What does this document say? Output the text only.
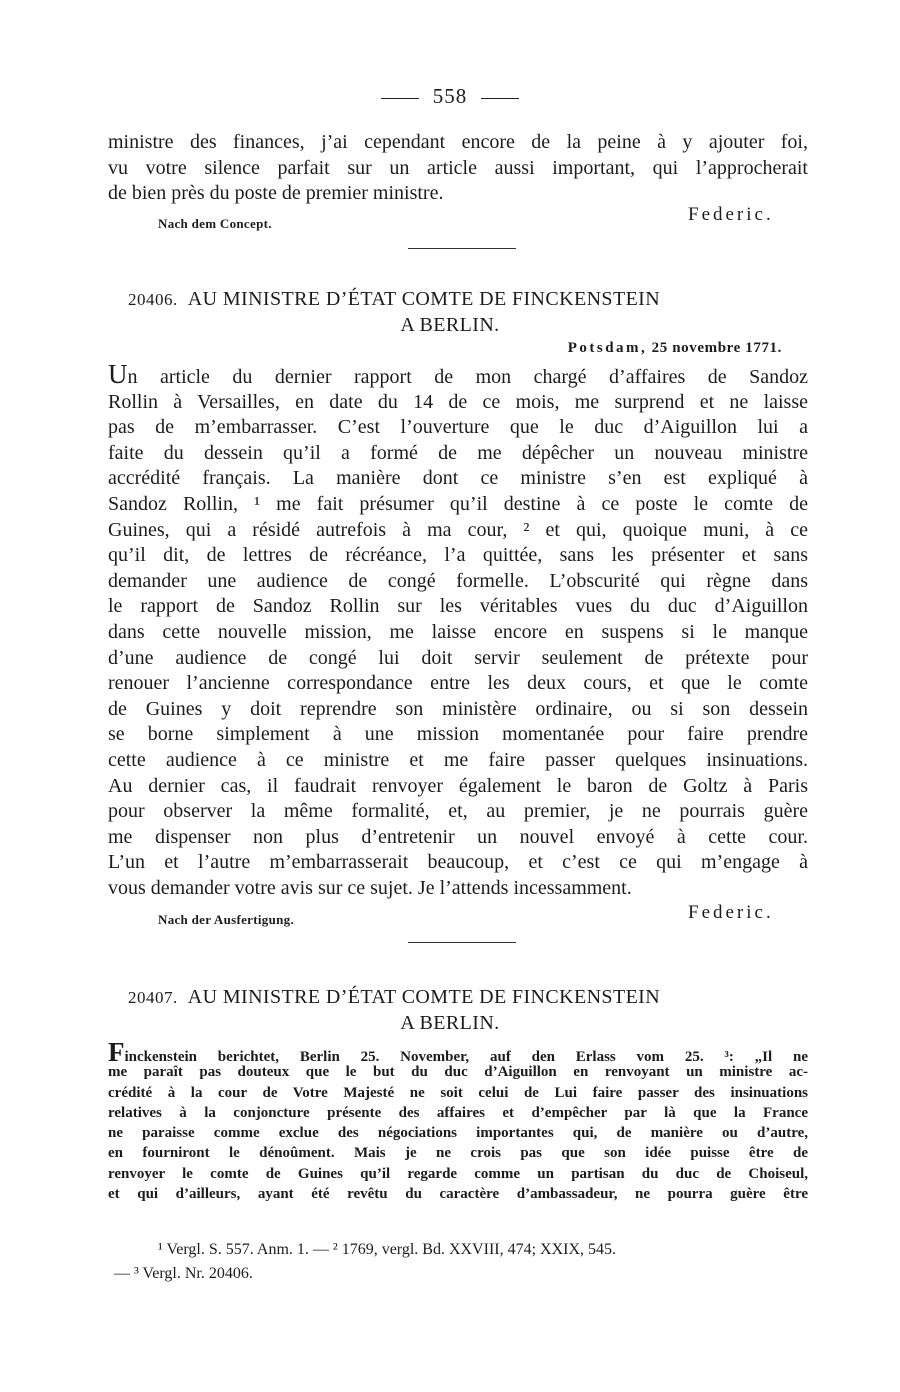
558
ministre des finances, j’ai cependant encore de la peine à y ajouter foi,
vu votre silence parfait sur un article aussi important, qui l’approcherait
de bien près du poste de premier ministre.
Nach dem Concept.	Federic.
20406. AU MINISTRE D’ÉTAT COMTE DE FINCKENSTEIN
A BERLIN.
Potsdam, 25 novembre 1771.
Un article du dernier rapport de mon chargé d’affaires de Sandoz
Rollin à Versailles, en date du 14 de ce mois, me surprend et ne laisse
pas de m’embarrasser. C’est l’ouverture que le duc d’Aiguillon lui a
faite du dessein qu’il a formé de me dépêcher un nouveau ministre
accrédité français. La manière dont ce ministre s’en est expliqué à
Sandoz Rollin, ¹ me fait présumer qu’il destine à ce poste le comte de
Guines, qui a résidé autrefois à ma cour, ² et qui, quoique muni, à ce
qu’il dit, de lettres de récréance, l’a quittée, sans les présenter et sans
demander une audience de congé formelle. L’obscurité qui règne dans
le rapport de Sandoz Rollin sur les véritables vues du duc d’Aiguillon
dans cette nouvelle mission, me laisse encore en suspens si le manque
d’une audience de congé lui doit servir seulement de prétexte pour
renouer l’ancienne correspondance entre les deux cours, et que le comte
de Guines y doit reprendre son ministère ordinaire, ou si son dessein
se borne simplement à une mission momentanée pour faire prendre
cette audience à ce ministre et me faire passer quelques insinuations.
Au dernier cas, il faudrait renvoyer également le baron de Goltz à Paris
pour observer la même formalité, et, au premier, je ne pourrais guère
me dispenser non plus d’entretenir un nouvel envoyé à cette cour.
L’un et l’autre m’embarrasserait beaucoup, et c’est ce qui m’engage à
vous demander votre avis sur ce sujet. Je l’attends incessamment.
Nach der Ausfertigung.	Federic.
20407. AU MINISTRE D’ÉTAT COMTE DE FINCKENSTEIN
A BERLIN.
Finckenstein berichtet, Berlin 25. November, auf den Erlass vom 25. ³: „Il ne
me paraît pas douteux que le but du duc d’Aiguillon en renvoyant un ministre ac-
crédité à la cour de Votre Majesté ne soit celui de Lui faire passer des insinuations
relatives à la conjoncture présente des affaires et d’empêcher par là que la France
ne paraisse comme exclue des négociations importantes qui, de manière ou d’autre,
en fourniront le dénoûment. Mais je ne crois pas que son idée puisse être de
renvoyer le comte de Guines qu’il regarde comme un partisan du duc de Choiseul,
et qui d’ailleurs, ayant été revêtu du caractère d’ambassadeur, ne pourra guère être
¹ Vergl. S. 557. Anm. 1. — ² 1769, vergl. Bd. XXVIII, 474; XXIX, 545.
— ³ Vergl. Nr. 20406.
